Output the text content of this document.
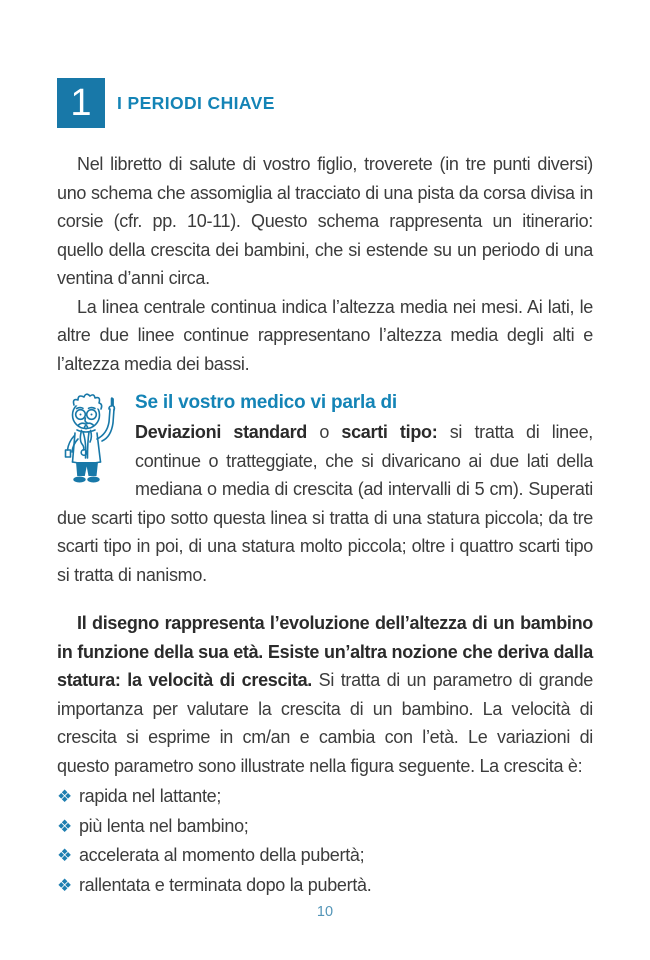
1 I PERIODI CHIAVE

Nel libretto di salute di vostro figlio, troverete (in tre punti diversi) uno schema che assomiglia al tracciato di una pista da corsa divisa in corsie (cfr. pp. 10-11). Questo schema rappresenta un itinerario: quello della crescita dei bambini, che si estende su un periodo di una ventina d’anni circa.

La linea centrale continua indica l’altezza media nei mesi. Ai lati, le altre due linee continue rappresentano l’altezza media degli alti e l’altezza media dei bassi.

Se il vostro medico vi parla di

Deviazioni standard o scarti tipo: si tratta di linee, continue o tratteggiate, che si divaricano ai due lati della mediana o media di crescita (ad intervalli di 5 cm). Superati due scarti tipo sotto questa linea si tratta di una statura piccola; da tre scarti tipo in poi, di una statura molto piccola; oltre i quattro scarti tipo si tratta di nanismo.

Il disegno rappresenta l’evoluzione dell’altezza di un bambino in funzione della sua età. Esiste un’altra nozione che deriva dalla statura: la velocità di crescita. Si tratta di un parametro di grande importanza per valutare la crescita di un bambino. La velocità di crescita si esprime in cm/an e cambia con l’età. Le variazioni di questo parametro sono illustrate nella figura seguente. La crescita è:

❖ rapida nel lattante;
❖ più lenta nel bambino;
❖ accelerata al momento della pubertà;
❖ rallentata e terminata dopo la pubertà.
10
